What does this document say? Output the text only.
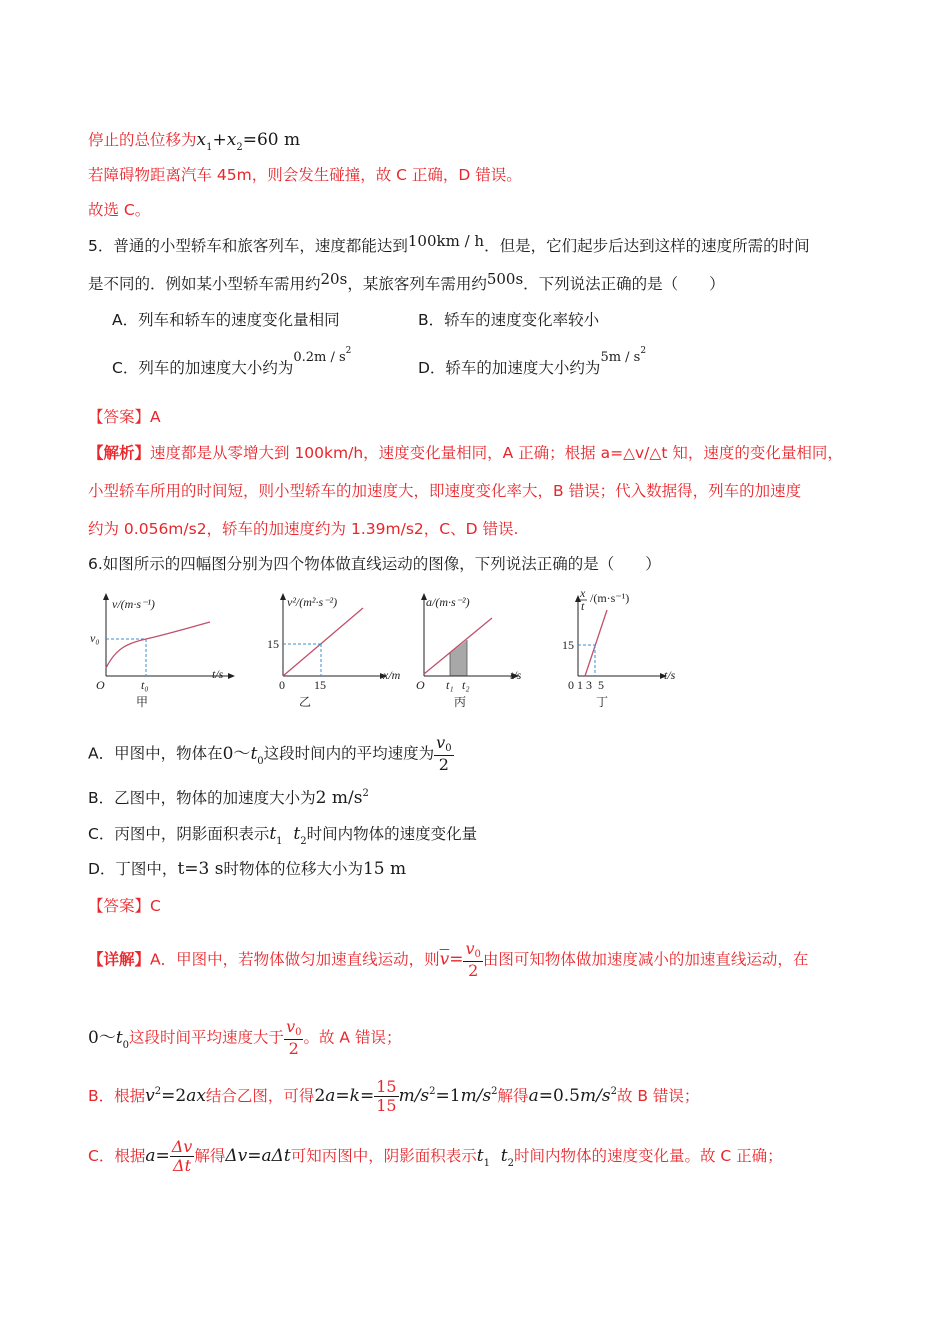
停止的总位移为$x_1+x_2=60$ m
若障碍物距离汽车 45m，则会发生碰撞，故 C 正确，D 错误。
故选 C。
5．普通的小型轿车和旅客列车，速度都能达到100km / h．但是，它们起步后达到这样的速度所需的时间
是不同的．例如某小型轿车需用约20s，某旅客列车需用约500s．下列说法正确的是（　　）
A．列车和轿车的速度变化量相同	B．轿车的速度变化率较小
C．列车的加速度大小约为$^{0.2m / s2}$
D．轿车的加速度大小约为$^{5m / s2}$
【答案】A
【解析】速度都是从零增大到 100km/h，速度变化量相同，A 正确；根据 a=△v/△t 知，速度的变化量相同，
小型轿车所用的时间短，则小型轿车的加速度大，即速度变化率大，B 错误；代入数据得，列车的加速度
约为 0.056m/s2，轿车的加速度约为 1.39m/s2，C、D 错误.
6.如图所示的四幅图分别为四个物体做直线运动的图像，下列说法正确的是（　　）
v/(m·s⁻¹)
v₀
O	t₀
t/s
甲
v²/(m²·s⁻²)
15
0 15
x/m
乙
a/(m·s⁻²)
O t₁ t₂
t/s
丙
x
t
/(m·s⁻¹)
15
0 1 3  5
t/s
丁
A．甲图中，物体在$0\sim t_0$这段时间内的平均速度为 $\frac{v0}{2}$
B．乙图中，物体的加速度大小为2 $m/s^2$
C．丙图中，阴影面积表示$t_1$ $t_2$时间内物体的速度变化量
D．丁图中，t=3 s时物体的位移大小为15 m
【答案】C
【详解】A．甲图中，若物体做匀加速直线运动，则$\overline{v}= \frac{v0}{2}$ 由图可知物体做加速度减小的加速直线运动，在
$0\sim t_0$这段时间平均速度大于 $\frac{v0}{2}$ 。故 A 错误；
B．根据$v^2=2ax$结合乙图，可得$2a=k= \frac{15}{15} m/s^2=1m/s^2$解得$a=0.5m/s^2$故 B 错误；
C．根据$a= \frac{\Delta v}{\Delta t}$ 解得Δv=aΔt可知丙图中，阴影面积表示$t_1$ $t_2$时间内物体的速度变化量。故 C 正确；
